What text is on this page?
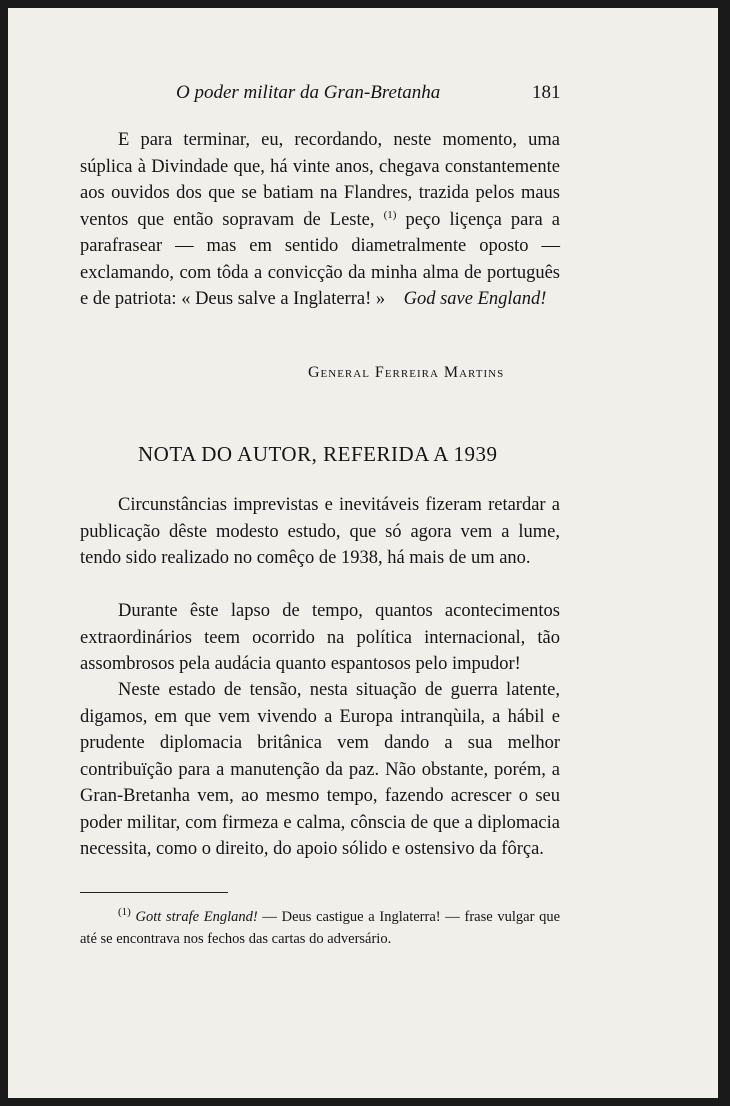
O poder militar da Gran-Bretanha	181

E para terminar, eu, recordando, neste momento, uma súplica à Divindade que, há vinte anos, chegava constantemente aos ouvidos dos que se batiam na Flandres, trazida pelos maus ventos que então sopravam de Leste, $^{(1)}$ peço liçença para a parafrasear — mas em sentido diametralmente oposto — exclamando, com tôda a convicção da minha alma de português e de patriota: « Deus salve a Inglaterra! »  God save England!

General Ferreira Martins
NOTA DO AUTOR, REFERIDA A 1939

Circunstâncias imprevistas e inevitáveis fizeram retardar a publicação dêste modesto estudo, que só agora vem a lume, tendo sido realizado no comêço de 1938, há mais de um ano.

Durante êste lapso de tempo, quantos acontecimentos extraordinários teem ocorrido na política internacional, tão assombrosos pela audácia quanto espantosos pelo impudor!

Neste estado de tensão, nesta situação de guerra latente, digamos, em que vem vivendo a Europa intranqùila, a hábil e prudente diplomacia britânica vem dando a sua melhor contribuïção para a manutenção da paz. Não obstante, porém, a Gran-Bretanha vem, ao mesmo tempo, fazendo acrescer o seu poder militar, com firmeza e calma, cônscia de que a diplomacia necessita, como o direito, do apoio sólido e ostensivo da fôrça.

$^{(1)}$ Gott strafe England! — Deus castigue a Inglaterra! — frase vulgar que até se encontrava nos fechos das cartas do adversário.
